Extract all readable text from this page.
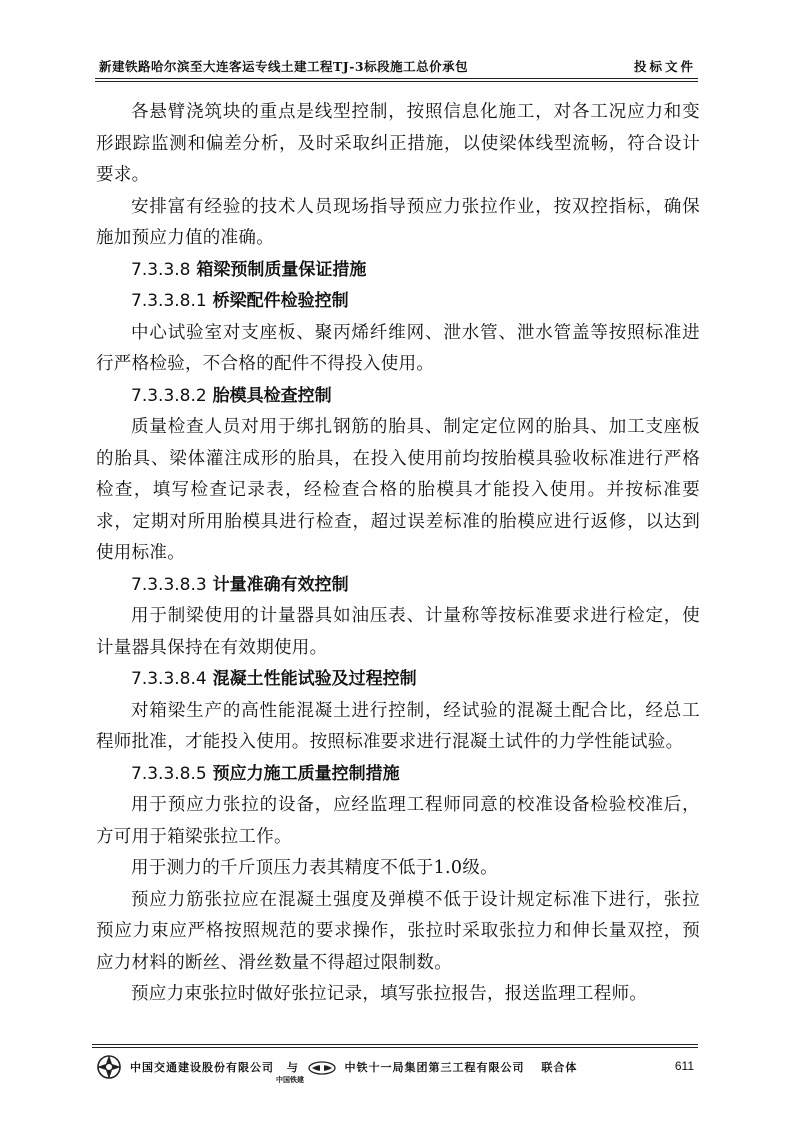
新建铁路哈尔滨至大连客运专线土建工程TJ-3标段施工总价承包	投标文件

各悬臂浇筑块的重点是线型控制，按照信息化施工，对各工况应力和变形跟踪监测和偏差分析，及时采取纠正措施，以使梁体线型流畅，符合设计要求。

安排富有经验的技术人员现场指导预应力张拉作业，按双控指标，确保施加预应力值的准确。

7.3.3.8 箱梁预制质量保证措施
7.3.3.8.1 桥梁配件检验控制

中心试验室对支座板、聚丙烯纤维网、泄水管、泄水管盖等按照标准进行严格检验，不合格的配件不得投入使用。

7.3.3.8.2 胎模具检查控制

质量检查人员对用于绑扎钢筋的胎具、制定定位网的胎具、加工支座板的胎具、梁体灌注成形的胎具，在投入使用前均按胎模具验收标准进行严格检查，填写检查记录表，经检查合格的胎模具才能投入使用。并按标准要求，定期对所用胎模具进行检查，超过误差标准的胎模应进行返修，以达到使用标准。

7.3.3.8.3 计量准确有效控制

用于制梁使用的计量器具如油压表、计量称等按标准要求进行检定，使计量器具保持在有效期使用。

7.3.3.8.4 混凝土性能试验及过程控制

对箱梁生产的高性能混凝土进行控制，经试验的混凝土配合比，经总工程师批准，才能投入使用。按照标准要求进行混凝土试件的力学性能试验。

7.3.3.8.5 预应力施工质量控制措施

用于预应力张拉的设备，应经监理工程师同意的校准设备检验校准后，方可用于箱梁张拉工作。

用于测力的千斤顶压力表其精度不低于1.0级。

预应力筋张拉应在混凝土强度及弹模不低于设计规定标准下进行，张拉预应力束应严格按照规范的要求操作，张拉时采取张拉力和伸长量双控，预应力材料的断丝、滑丝数量不得超过限制数。

预应力束张拉时做好张拉记录，填写张拉报告，报送监理工程师。

中国交通建设股份有限公司 与	中铁十一局集团第三工程有限公司 联合体
中国铁建
611
